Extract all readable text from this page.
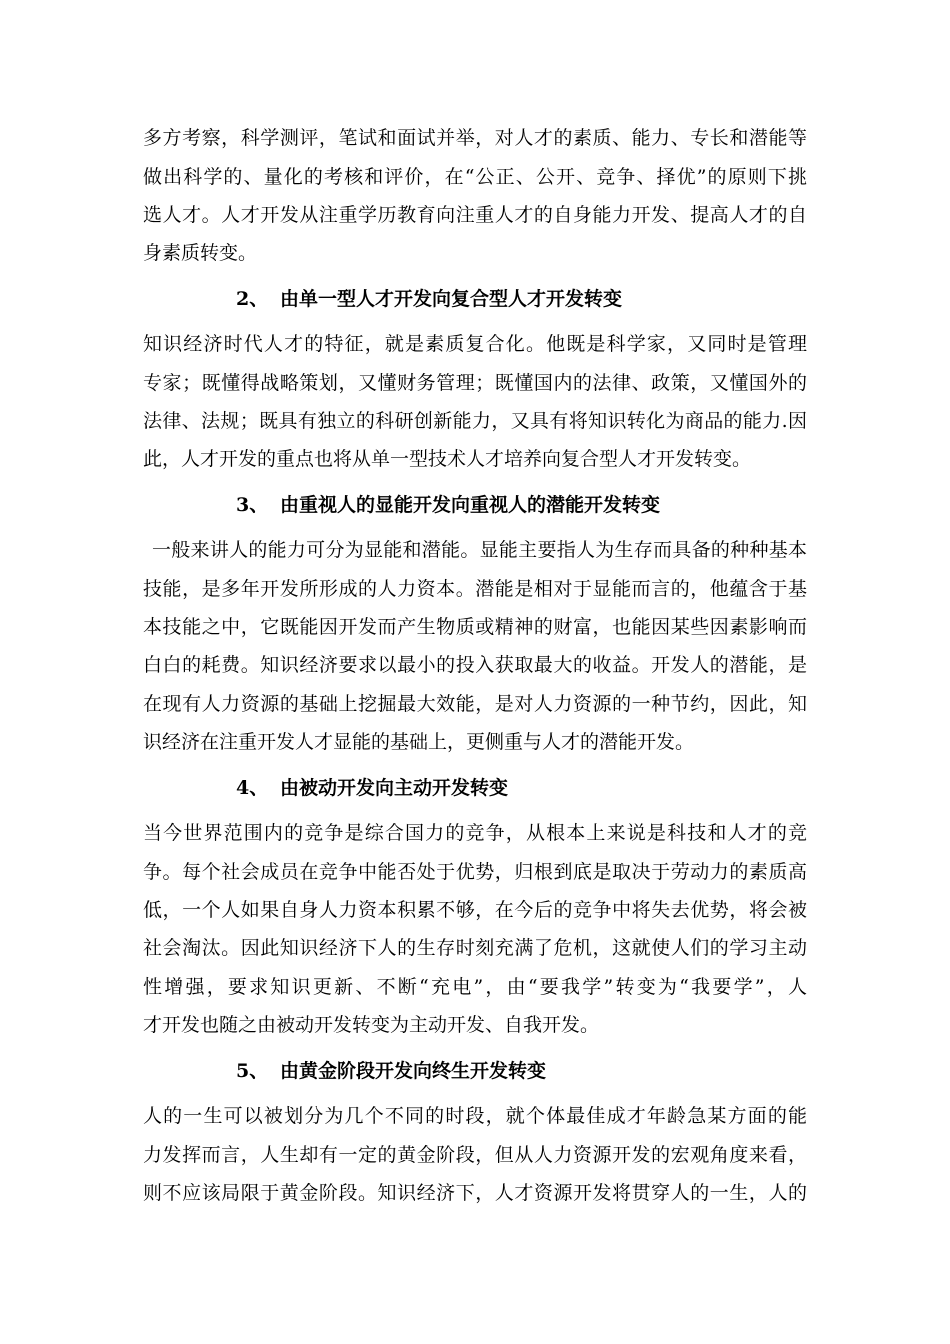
多方考察，科学测评，笔试和面试并举，对人才的素质、能力、专长和潜能等
做出科学的、量化的考核和评价，在“公正、公开、竞争、择优”的原则下挑
选人才。人才开发从注重学历教育向注重人才的自身能力开发、提高人才的自
身素质转变。
2、 由单一型人才开发向复合型人才开发转变
知识经济时代人才的特征，就是素质复合化。他既是科学家，又同时是管理
专家；既懂得战略策划，又懂财务管理；既懂国内的法律、政策，又懂国外的
法律、法规；既具有独立的科研创新能力，又具有将知识转化为商品的能力.因
此，人才开发的重点也将从单一型技术人才培养向复合型人才开发转变。
3、 由重视人的显能开发向重视人的潜能开发转变
一般来讲人的能力可分为显能和潜能。显能主要指人为生存而具备的种种基本
技能，是多年开发所形成的人力资本。潜能是相对于显能而言的，他蕴含于基
本技能之中，它既能因开发而产生物质或精神的财富，也能因某些因素影响而
白白的耗费。知识经济要求以最小的投入获取最大的收益。开发人的潜能，是
在现有人力资源的基础上挖掘最大效能，是对人力资源的一种节约，因此，知
识经济在注重开发人才显能的基础上，更侧重与人才的潜能开发。
4、 由被动开发向主动开发转变
当今世界范围内的竞争是综合国力的竞争，从根本上来说是科技和人才的竞
争。每个社会成员在竞争中能否处于优势，归根到底是取决于劳动力的素质高
低，一个人如果自身人力资本积累不够，在今后的竞争中将失去优势，将会被
社会淘汰。因此知识经济下人的生存时刻充满了危机，这就使人们的学习主动
性增强，要求知识更新、不断“充电”，由“要我学”转变为“我要学”，人
才开发也随之由被动开发转变为主动开发、自我开发。
5、 由黄金阶段开发向终生开发转变
人的一生可以被划分为几个不同的时段，就个体最佳成才年龄急某方面的能
力发挥而言，人生却有一定的黄金阶段，但从人力资源开发的宏观角度来看，
则不应该局限于黄金阶段。知识经济下，人才资源开发将贯穿人的一生，人的
